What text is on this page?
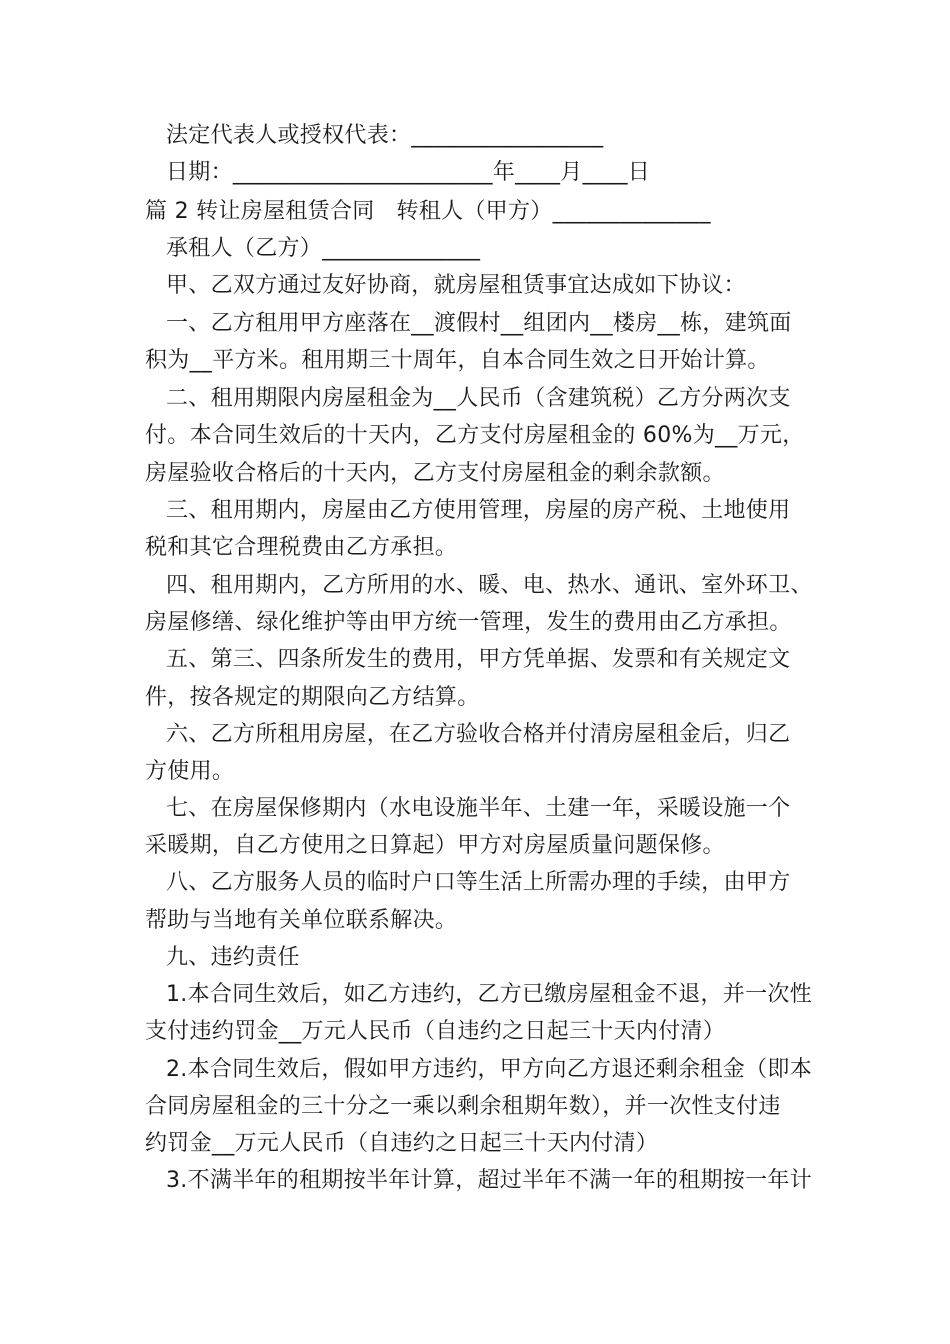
法定代表人或授权代表：_________________
日期：_______________________年____月____日
篇 2 转让房屋租赁合同   转租人（甲方）______________
承租人（乙方）______________
甲、乙双方通过友好协商，就房屋租赁事宜达成如下协议：
一、乙方租用甲方座落在__渡假村__组团内__楼房__栋，建筑面
积为__平方米。租用期三十周年，自本合同生效之日开始计算。
二、租用期限内房屋租金为__人民币（含建筑税）乙方分两次支
付。本合同生效后的十天内，乙方支付房屋租金的 60%为__万元，
房屋验收合格后的十天内，乙方支付房屋租金的剩余款额。
三、租用期内，房屋由乙方使用管理，房屋的房产税、土地使用
税和其它合理税费由乙方承担。
四、租用期内，乙方所用的水、暖、电、热水、通讯、室外环卫、
房屋修缮、绿化维护等由甲方统一管理，发生的费用由乙方承担。
五、第三、四条所发生的费用，甲方凭单据、发票和有关规定文
件，按各规定的期限向乙方结算。
六、乙方所租用房屋，在乙方验收合格并付清房屋租金后，归乙
方使用。
七、在房屋保修期内（水电设施半年、土建一年，采暖设施一个
采暖期，自乙方使用之日算起）甲方对房屋质量问题保修。
八、乙方服务人员的临时户口等生活上所需办理的手续，由甲方
帮助与当地有关单位联系解决。
九、违约责任
1.本合同生效后，如乙方违约，乙方已缴房屋租金不退，并一次性
支付违约罚金__万元人民币（自违约之日起三十天内付清）
2.本合同生效后，假如甲方违约，甲方向乙方退还剩余租金（即本
合同房屋租金的三十分之一乘以剩余租期年数），并一次性支付违
约罚金__万元人民币（自违约之日起三十天内付清）
3.不满半年的租期按半年计算，超过半年不满一年的租期按一年计
